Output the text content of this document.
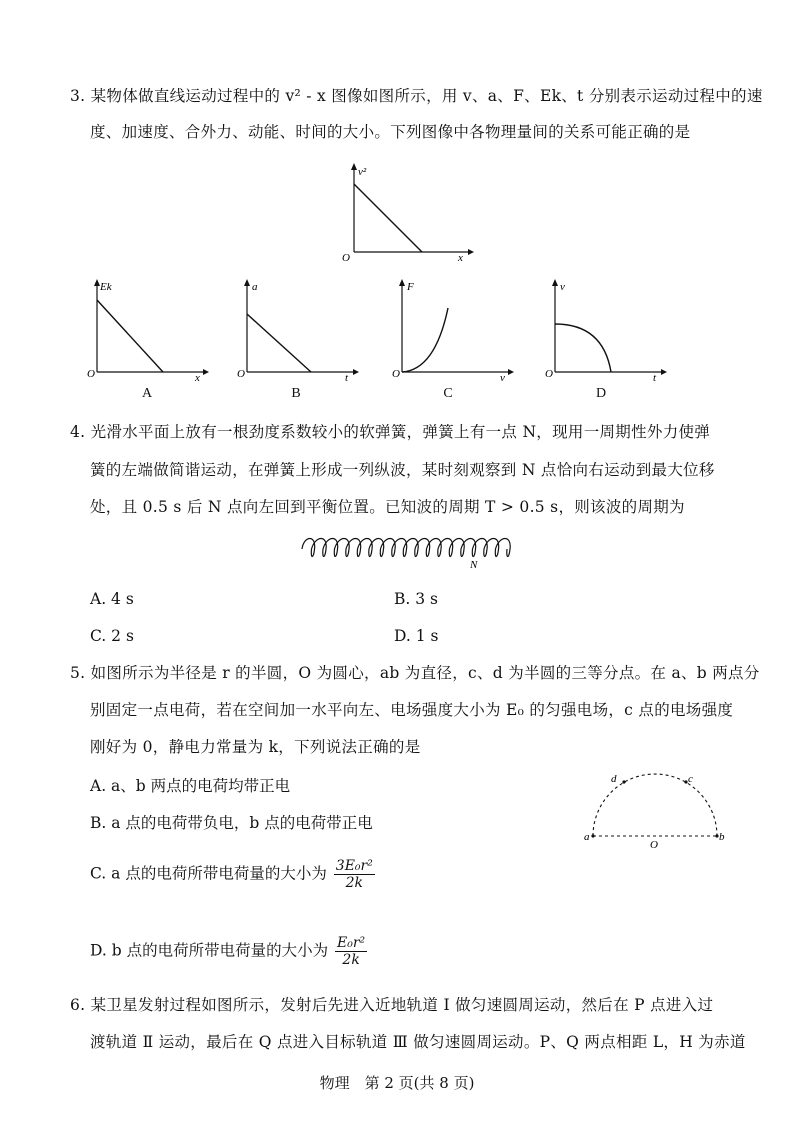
3. 某物体做直线运动过程中的 v² - x 图像如图所示，用 v、a、F、Ek、t 分别表示运动过程中的速
度、加速度、合外力、动能、时间的大小。下列图像中各物理量间的关系可能正确的是
v²
x
O
Ek
x
O
A
a
t
O
B
F
v
O
C
v
t
O
D
4. 光滑水平面上放有一根劲度系数较小的软弹簧，弹簧上有一点 N，现用一周期性外力使弹
簧的左端做简谐运动，在弹簧上形成一列纵波，某时刻观察到 N 点恰向右运动到最大位移
处，且 0.5 s 后 N 点向左回到平衡位置。已知波的周期 T > 0.5 s，则该波的周期为
N
A. 4 s	B. 3 s
C. 2 s	D. 1 s
5. 如图所示为半径是 r 的半圆，O 为圆心，ab 为直径，c、d 为半圆的三等分点。在 a、b 两点分
别固定一点电荷，若在空间加一水平向左、电场强度大小为 E₀ 的匀强电场，c 点的电场强度
刚好为 0，静电力常量为 k，下列说法正确的是
A. a、b 两点的电荷均带正电
B. a 点的电荷带负电，b 点的电荷带正电
C. a 点的电荷所带电荷量的大小为 $\frac{\text{3E₀r²}}{2k}$
D. b 点的电荷所带电荷量的大小为 $\frac{\text{E₀r²}}{2k}$
a	b
c
d
O
6. 某卫星发射过程如图所示，发射后先进入近地轨道 Ⅰ 做匀速圆周运动，然后在 P 点进入过
渡轨道 Ⅱ 运动，最后在 Q 点进入目标轨道 Ⅲ 做匀速圆周运动。P、Q 两点相距 L，H 为赤道
物理　第 2 页(共 8 页)
